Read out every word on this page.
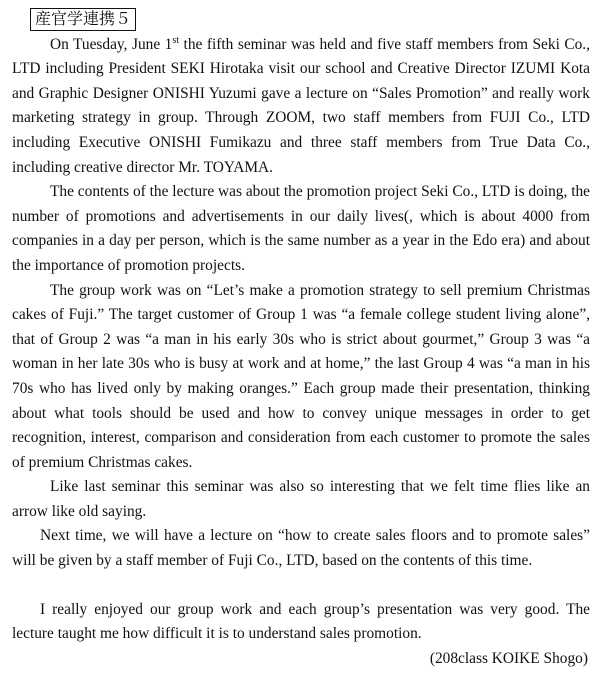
産官学連携５

On Tuesday, June 1st the fifth seminar was held and five staff members from Seki Co., LTD including President SEKI Hirotaka visit our school and Creative Director IZUMI Kota and Graphic Designer ONISHI Yuzumi gave a lecture on “Sales Promotion” and really work marketing strategy in group. Through ZOOM, two staff members from FUJI Co., LTD including Executive ONISHI Fumikazu and three staff members from True Data Co., including creative director Mr. TOYAMA.

The contents of the lecture was about the promotion project Seki Co., LTD is doing, the number of promotions and advertisements in our daily lives(, which is about 4000 from companies in a day per person, which is the same number as a year in the Edo era) and about the importance of promotion projects.

The group work was on “Let’s make a promotion strategy to sell premium Christmas cakes of Fuji.” The target customer of Group 1 was “a female college student living alone”, that of Group 2 was “a man in his early 30s who is strict about gourmet,” Group 3 was “a woman in her late 30s who is busy at work and at home,” the last Group 4 was “a man in his 70s who has lived only by making oranges.” Each group made their presentation, thinking about what tools should be used and how to convey unique messages in order to get recognition, interest, comparison and consideration from each customer to promote the sales of premium Christmas cakes.

Like last seminar this seminar was also so interesting that we felt time flies like an arrow like old saying.

Next time, we will have a lecture on “how to create sales floors and to promote sales” will be given by a staff member of Fuji Co., LTD, based on the contents of this time.

I really enjoyed our group work and each group’s presentation was very good. The lecture taught me how difficult it is to understand sales promotion.

(208class KOIKE Shogo)
